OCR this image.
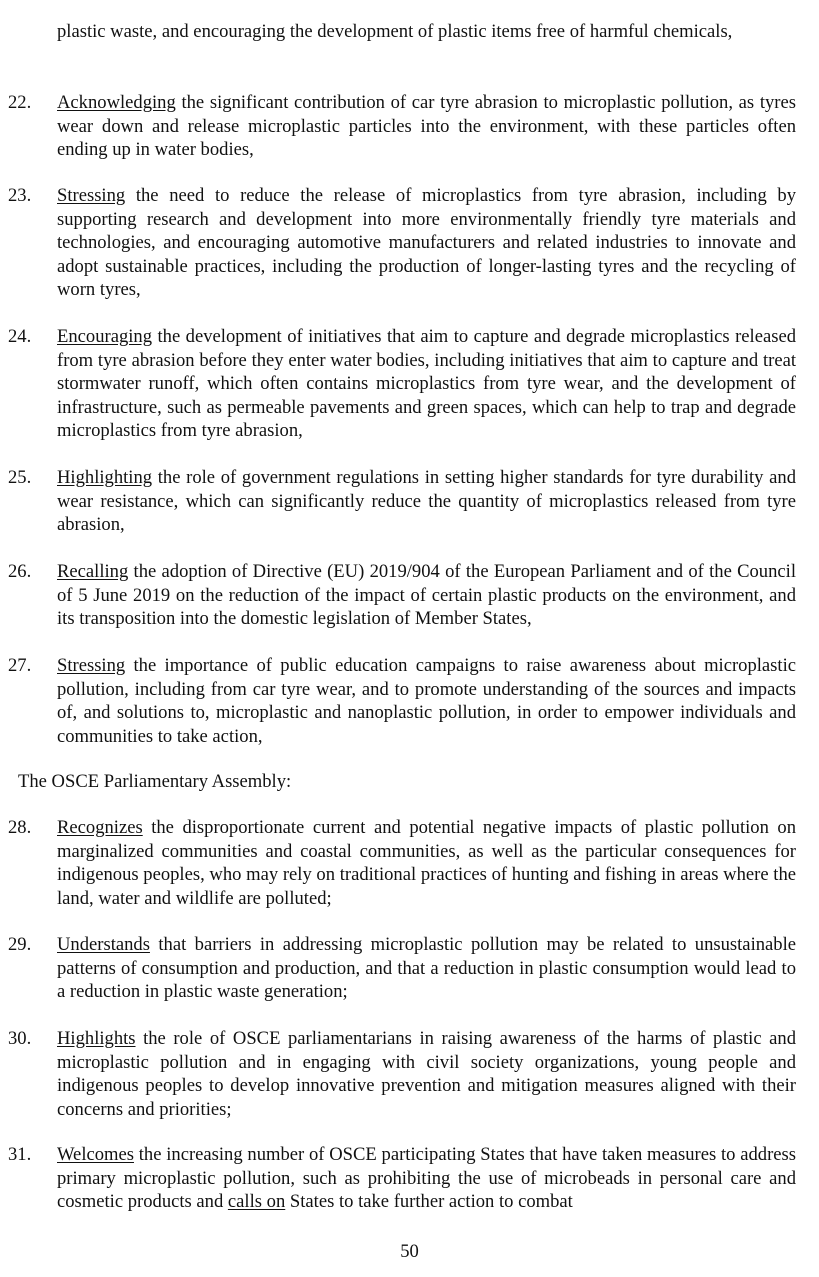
plastic waste, and encouraging the development of plastic items free of harmful chemicals,
22.	Acknowledging the significant contribution of car tyre abrasion to microplastic pollution, as tyres wear down and release microplastic particles into the environment, with these particles often ending up in water bodies,
23.	Stressing the need to reduce the release of microplastics from tyre abrasion, including by supporting research and development into more environmentally friendly tyre materials and technologies, and encouraging automotive manufacturers and related industries to innovate and adopt sustainable practices, including the production of longer-lasting tyres and the recycling of worn tyres,
24.	Encouraging the development of initiatives that aim to capture and degrade microplastics released from tyre abrasion before they enter water bodies, including initiatives that aim to capture and treat stormwater runoff, which often contains microplastics from tyre wear, and the development of infrastructure, such as permeable pavements and green spaces, which can help to trap and degrade microplastics from tyre abrasion,
25.	Highlighting the role of government regulations in setting higher standards for tyre durability and wear resistance, which can significantly reduce the quantity of microplastics released from tyre abrasion,
26.	Recalling the adoption of Directive (EU) 2019/904 of the European Parliament and of the Council of 5 June 2019 on the reduction of the impact of certain plastic products on the environment, and its transposition into the domestic legislation of Member States,
27.	Stressing the importance of public education campaigns to raise awareness about microplastic pollution, including from car tyre wear, and to promote understanding of the sources and impacts of, and solutions to, microplastic and nanoplastic pollution, in order to empower individuals and communities to take action,
The OSCE Parliamentary Assembly:
28.	Recognizes the disproportionate current and potential negative impacts of plastic pollution on marginalized communities and coastal communities, as well as the particular consequences for indigenous peoples, who may rely on traditional practices of hunting and fishing in areas where the land, water and wildlife are polluted;
29.	Understands that barriers in addressing microplastic pollution may be related to unsustainable patterns of consumption and production, and that a reduction in plastic consumption would lead to a reduction in plastic waste generation;
30.	Highlights the role of OSCE parliamentarians in raising awareness of the harms of plastic and microplastic pollution and in engaging with civil society organizations, young people and indigenous peoples to develop innovative prevention and mitigation measures aligned with their concerns and priorities;
31.	Welcomes the increasing number of OSCE participating States that have taken measures to address primary microplastic pollution, such as prohibiting the use of microbeads in personal care and cosmetic products and calls on States to take further action to combat
50
